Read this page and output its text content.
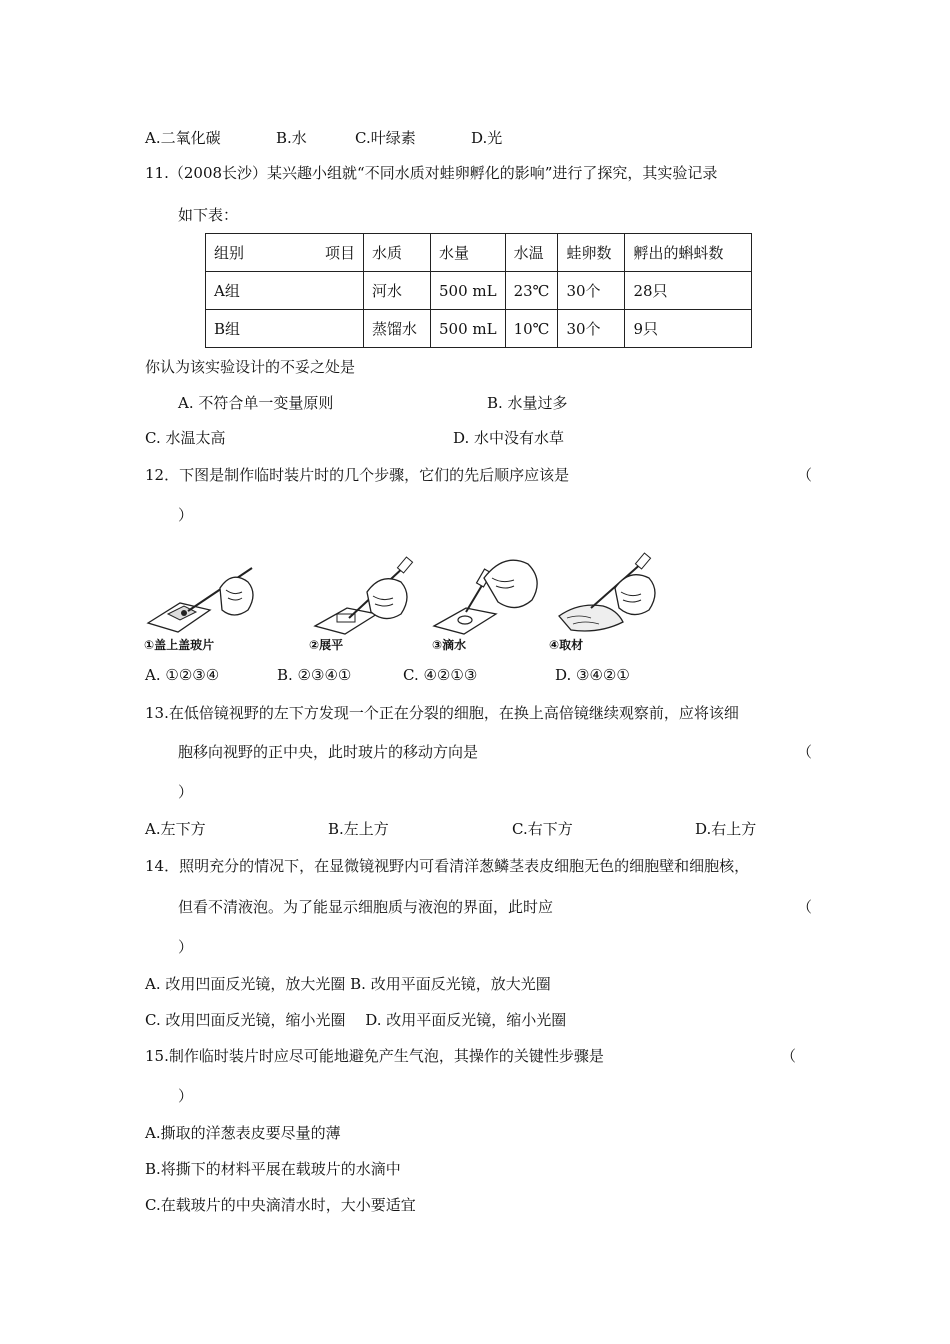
A.二氧化碳	B.水	C.叶绿素	D.光
11.（2008长沙）某兴趣小组就“不同水质对蛙卵孵化的影响”进行了探究，其实验记录
如下表：
组别 项目	水质	水量	水温	蛙卵数	孵出的蝌蚪数
A组	河水	500 mL	23℃	30个	28只
B组	蒸馏水	500 mL	10℃	30个	9只
你认为该实验设计的不妥之处是
A. 不符合单一变量原则	B. 水量过多
C. 水温太高	D. 水中没有水草
12．下图是制作临时装片时的几个步骤，它们的先后顺序应该是	（
）
①盖上盖玻片	②展平	③滴水	④取材
A. ①②③④	B. ②③④①	C. ④②①③	D. ③④②①
13.在低倍镜视野的左下方发现一个正在分裂的细胞，在换上高倍镜继续观察前，应将该细
胞移向视野的正中央，此时玻片的移动方向是	（
）
A.左下方	B.左上方	C.右下方	D.右上方
14．照明充分的情况下，在显微镜视野内可看清洋葱鳞茎表皮细胞无色的细胞壁和细胞核，
但看不清液泡。为了能显示细胞质与液泡的界面，此时应	（
）
A. 改用凹面反光镜，放大光圈 B. 改用平面反光镜，放大光圈
C. 改用凹面反光镜，缩小光圈　 D. 改用平面反光镜，缩小光圈
15.制作临时装片时应尽可能地避免产生气泡，其操作的关键性步骤是	（
）
A.撕取的洋葱表皮要尽量的薄
B.将撕下的材料平展在载玻片的水滴中
C.在载玻片的中央滴清水时，大小要适宜
